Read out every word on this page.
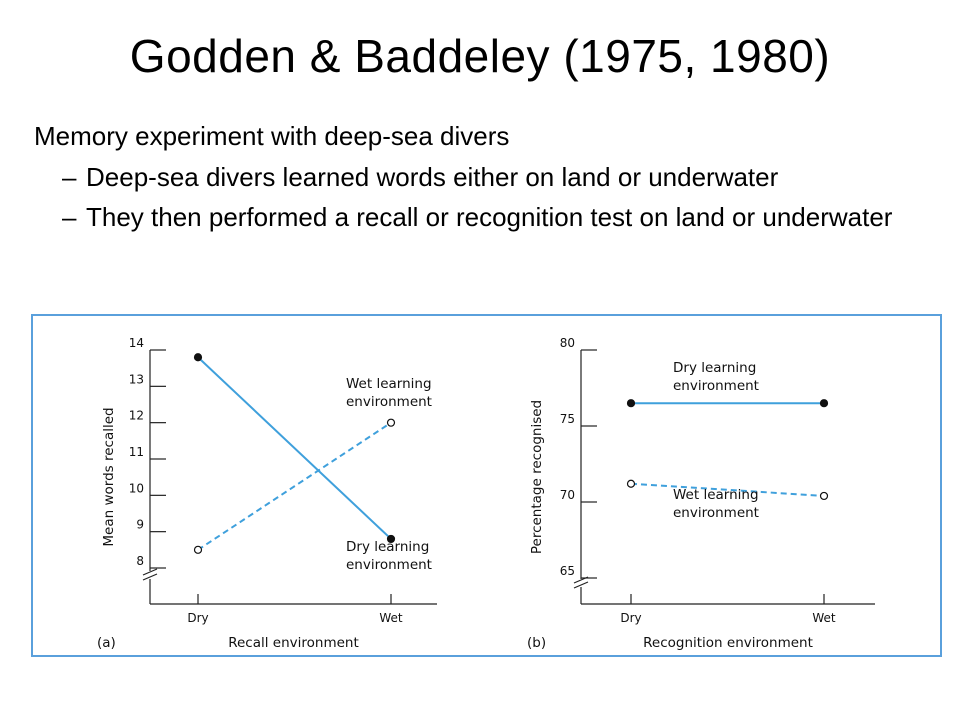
Godden & Baddeley (1975, 1980)
Memory experiment with deep-sea divers
– Deep-sea divers learned words either on land or underwater
– They then performed a recall or recognition test on land or underwater
8
9
10
11
12
13
14
Dry	Wet
Recall environment
(a)
Mean words recalled
Wet learning
environment
Dry learning
environment	65
70
75
80
Dry	Wet
Recognition environment
(b)
Percentage recognised
Dry learning
environment
Wet learning
environment
